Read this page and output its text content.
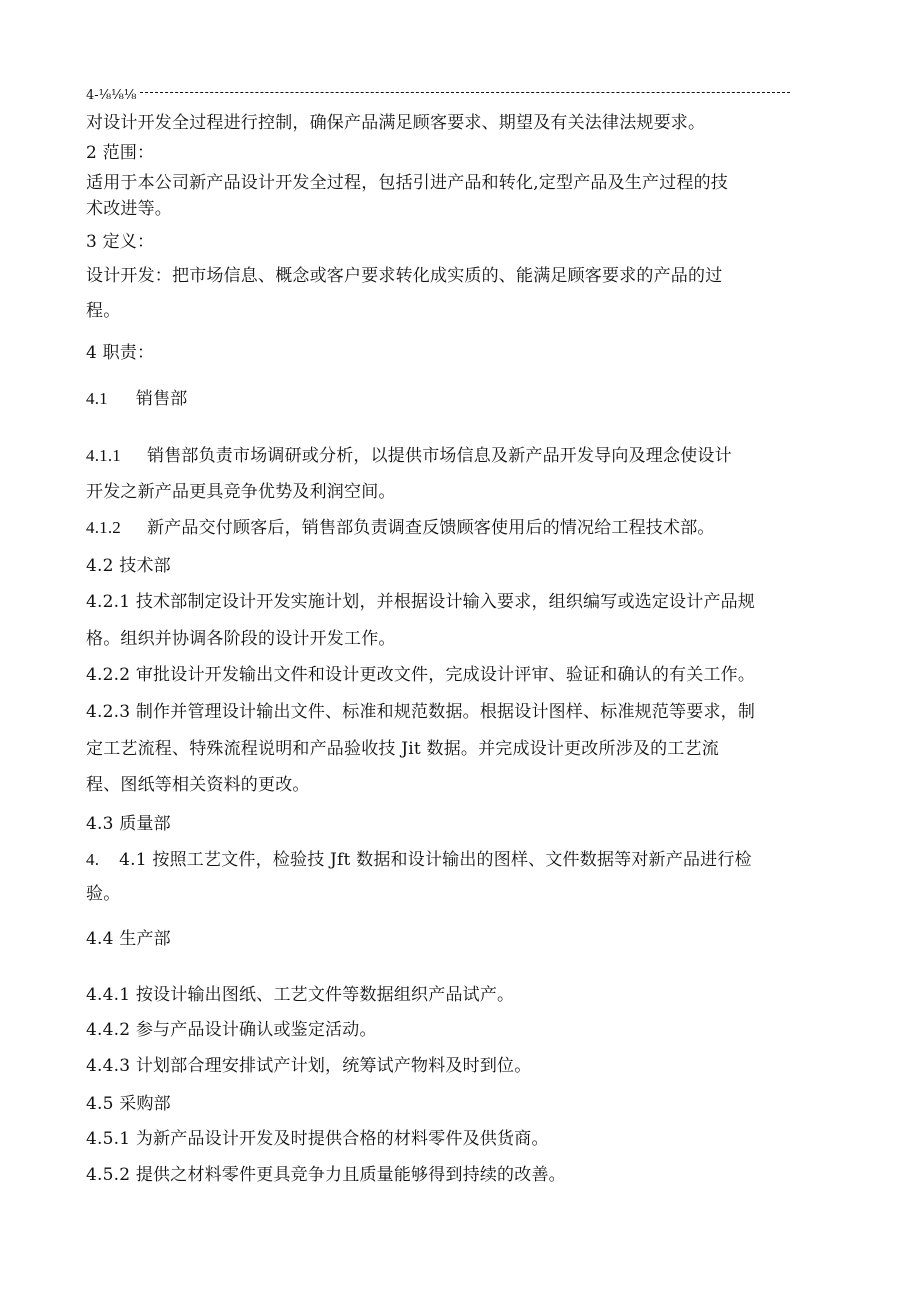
4-⅛⅛⅛
对设计开发全过程进行控制，确保产品满足顾客要求、期望及有关法律法规要求。
2 范围：
适用于本公司新产品设计开发全过程，包括引进产品和转化,定型产品及生产过程的技
术改进等。
3 定义：
设计开发：把市场信息、概念或客户要求转化成实质的、能满足顾客要求的产品的过
程。
4 职责：
4.1 销售部
4.1.1 销售部负责市场调研或分析，以提供市场信息及新产品开发导向及理念使设计
开发之新产品更具竞争优势及利润空间。
4.1.2 新产品交付顾客后，销售部负责调查反馈顾客使用后的情况给工程技术部。
4.2 技术部
4.2.1 技术部制定设计开发实施计划，并根据设计输入要求，组织编写或选定设计产品规
格。组织并协调各阶段的设计开发工作。
4.2.2 审批设计开发输出文件和设计更改文件，完成设计评审、验证和确认的有关工作。
4.2.3 制作并管理设计输出文件、标准和规范数据。根据设计图样、标准规范等要求，制
定工艺流程、特殊流程说明和产品验收技 Jit 数据。并完成设计更改所涉及的工艺流
程、图纸等相关资料的更改。
4.3 质量部
4. 4.1 按照工艺文件，检验技 Jft 数据和设计输出的图样、文件数据等对新产品进行检
验。
4.4 生产部
4.4.1 按设计输出图纸、工艺文件等数据组织产品试产。
4.4.2 参与产品设计确认或鉴定活动。
4.4.3 计划部合理安排试产计划，统筹试产物料及时到位。
4.5 采购部
4.5.1 为新产品设计开发及时提供合格的材料零件及供货商。
4.5.2 提供之材料零件更具竞争力且质量能够得到持续的改善。
